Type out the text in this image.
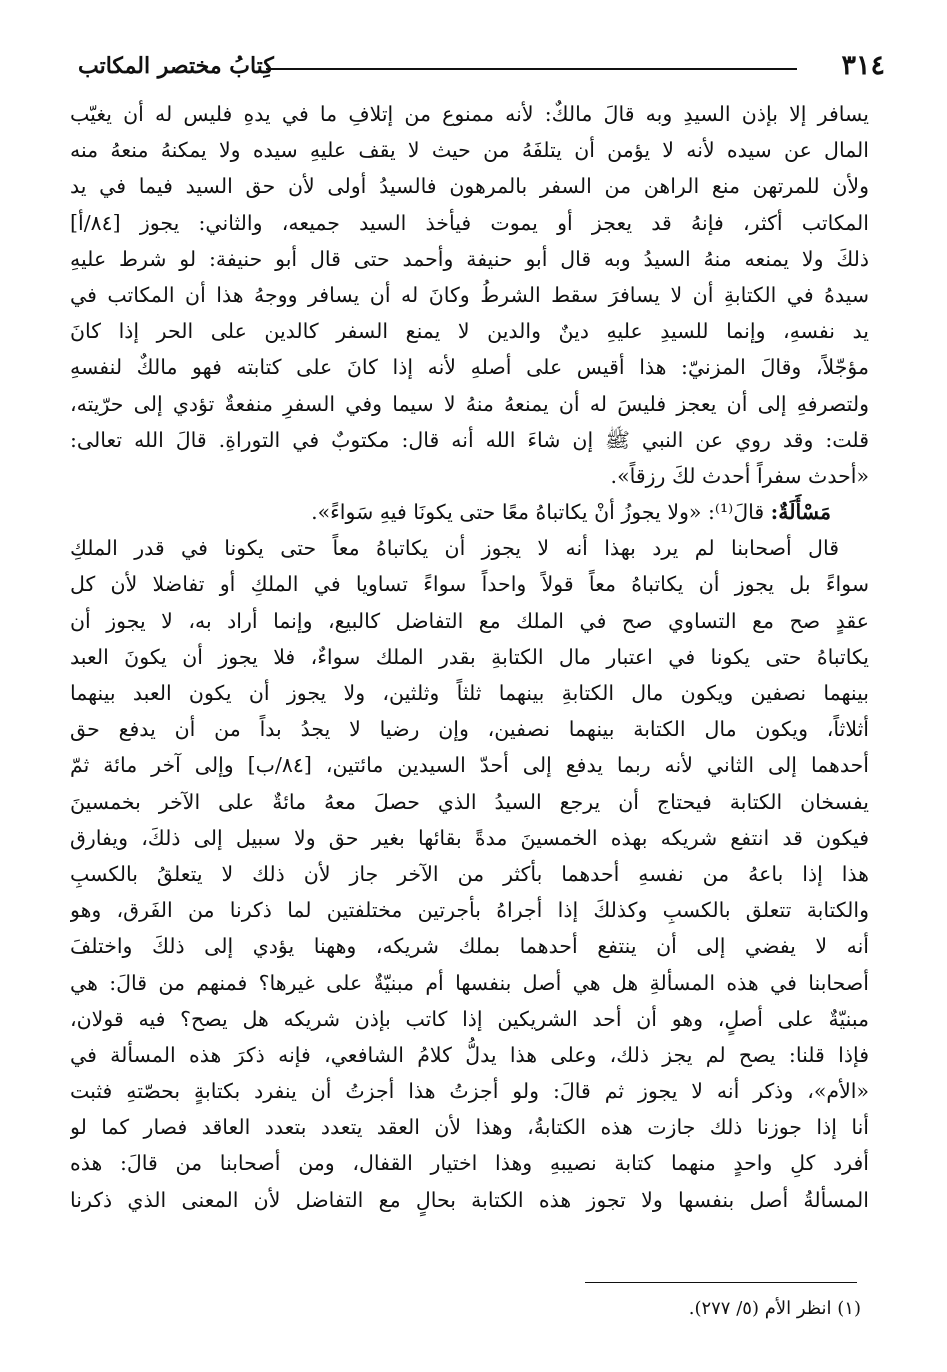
٣١٤
كِتابُ مختصر المكاتب
يسافر إلا بإذن السيدِ وبه قالَ مالكٌ: لأنه ممنوع من إتلافِ ما في يدهِ فليس له أن يغيّب
المال عن سيده لأنه لا يؤمن أن يتلفَهُ من حيث لا يقف عليهِ سيده ولا يمكنهُ منعهُ منه
ولأن للمرتهن منع الراهن من السفر بالمرهون فالسيدُ أولى لأن حق السيد فيما في يد
المكاتب أكثر، فإنهُ قد يعجز أو يموت فيأخذ السيد جميعه، والثاني: يجوز [٨٤/أ]
ذلكَ ولا يمنعه منهُ السيدُ وبه قال أبو حنيفة وأحمد حتى قال أبو حنيفة: لو شرط عليهِ
سيدهُ في الكتابةِ أن لا يسافرَ سقط الشرطُ وكانَ له أن يسافر ووجهُ هذا أن المكاتب في
يد نفسهِ، وإنما للسيدِ عليهِ دينٌ والدين لا يمنع السفر كالدين على الحر إذا كانَ
مؤجّلاً، وقالَ المزنيّ: هذا أقيس على أصلهِ لأنه إذا كانَ على كتابته فهو مالكٌ لنفسهِ
ولتصرفهِ إلى أن يعجز فليسَ له أن يمنعهُ منهُ لا سيما وفي السفرِ منفعةٌ تؤدي إلى حرّيته،
قلت: وقد روي عن النبي ﷺ إن شاءَ الله أنه قال: مكتوبٌ في التوراةِ. قالَ الله تعالى:
«أحدث سفراً أحدث لكَ رزقاً».
مَسْأَلَةٌ: قالَ⁽¹⁾: «ولا يجوزُ أنْ يكاتباهُ معًا حتى يكونَا فيهِ سَواءً».
قال أصحابنا لم يرد بهذا أنه لا يجوز أن يكاتباهُ معاً حتى يكونا في قدر الملكِ
سواءً بل يجوز أن يكاتباهُ معاً قولاً واحداً سواءً تساويا في الملكِ أو تفاضلا لأن كل
عقدٍ صح مع التساوي صح في الملك مع التفاضل كالبيع، وإنما أراد به، لا يجوز أن
يكاتباهُ حتى يكونا في اعتبار مال الكتابةِ بقدر الملك سواءٌ، فلا يجوز أن يكونَ العبد
بينهما نصفين ويكون مال الكتابةِ بينهما ثلثاً وثلثين، ولا يجوز أن يكون العبد بينهما
أثلاثاً، ويكون مال الكتابة بينهما نصفين، وإن رضيا لا يجدُ بداً من أن يدفع حق
أحدهما إلى الثاني لأنه ربما يدفع إلى أحدّ السيدين مائتين، [٨٤/ب] وإلى آخر مائة ثمّ
يفسخان الكتابة فيحتاج أن يرجع السيدُ الذي حصلَ معهُ مائةٌ على الآخر بخمسينَ
فيكون قد انتفع شريكه بهذه الخمسينَ مدةً بقائها بغير حق ولا سبيل إلى ذلكَ، ويفارق
هذا إذا باعهُ من نفسهِ أحدهما بأكثر من الآخر جاز لأن ذلك لا يتعلقُ بالكسبِ
والكتابة تتعلق بالكسبِ وكذلكَ إذا أجراهُ بأجرتين مختلفتين لما ذكرنا من الفَرق، وهو
أنه لا يفضي إلى أن ينتفع أحدهما بملك شريكه، وههنا يؤدي إلى ذلكَ واختلفَ
أصحابنا في هذه المسألةِ هل هي أصل بنفسها أم مبنيّةٌ على غيرها؟ فمنهم من قالَ: هي
مبنيّةٌ على أصلٍ، وهو أن أحد الشريكين إذا كاتب بإذن شريكه هل يصح؟ فيه قولان،
فإذا قلنا: يصح لم يجز ذلك، وعلى هذا يدلُّ كلامُ الشافعي، فإنه ذكرَ هذه المسألة في
«الأم»، وذكر أنه لا يجوز ثم قالَ: ولو أجزتُ هذا أجزتُ أن ينفرد بكتابةٍ بحصّتهِ فثبت
أنا إذا جوزنا ذلك جازت هذه الكتابةُ، وهذا لأن العقد يتعدد بتعدد العاقد فصار كما لو
أفرد كلِ واحدٍ منهما كتابة نصيبهِ وهذا اختيار القفال، ومن أصحابنا من قالَ: هذه
المسألةُ أصل بنفسها ولا تجوز هذه الكتابة بحالٍ مع التفاضل لأن المعنى الذي ذكرنا
(١) انظر الأم (٥/ ٢٧٧).
